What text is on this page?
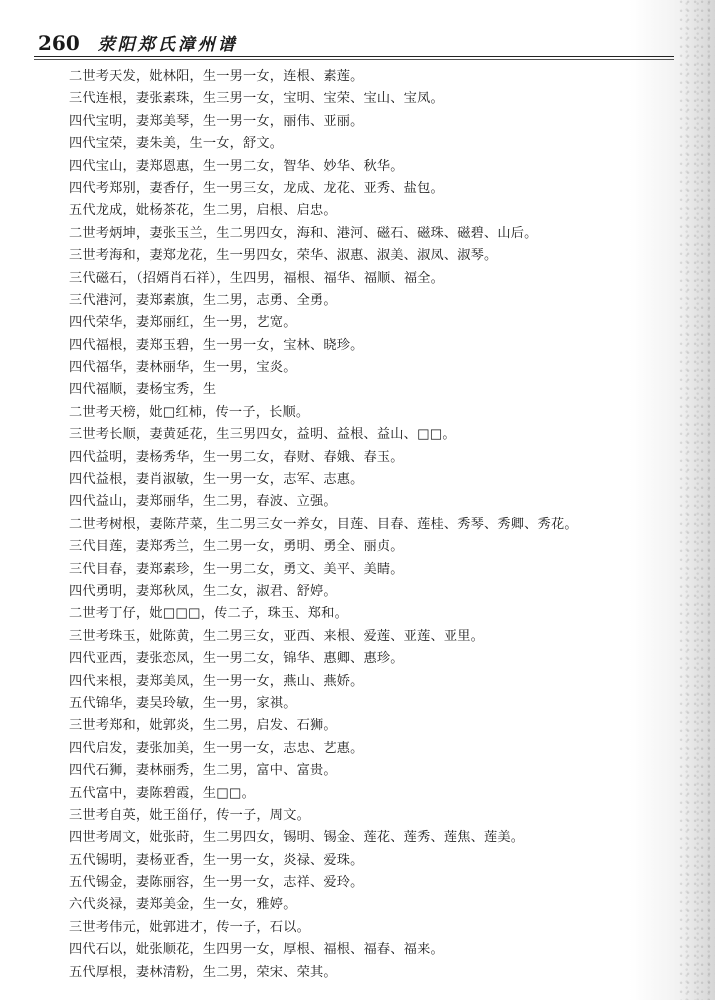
260 荥阳郑氏漳州谱
二世考天发，妣林阳，生一男一女，连根、素莲。
三代连根，妻张素珠，生三男一女，宝明、宝荣、宝山、宝凤。
四代宝明，妻郑美琴，生一男一女，丽伟、亚丽。
四代宝荣，妻朱美，生一女，舒文。
四代宝山，妻郑恩惠，生一男二女，智华、妙华、秋华。
四代考郑别，妻香仔，生一男三女，龙成、龙花、亚秀、盐包。
五代龙成，妣杨茶花，生二男，启根、启忠。
二世考炳坤，妻张玉兰，生二男四女，海和、港河、磁石、磁珠、磁碧、山后。
三世考海和，妻郑龙花，生一男四女，荣华、淑惠、淑美、淑凤、淑琴。
三代磁石，（招婿肖石祥），生四男，福根、福华、福顺、福全。
三代港河，妻郑素旗，生二男，志勇、全勇。
四代荣华，妻郑丽红，生一男，艺宽。
四代福根，妻郑玉碧，生一男一女，宝林、晓珍。
四代福华，妻林丽华，生一男，宝炎。
四代福顺，妻杨宝秀，生
二世考天榜，妣□红柿，传一子，长顺。
三世考长顺，妻黄延花，生三男四女，益明、益根、益山、□□。
四代益明，妻杨秀华，生一男二女，春财、春娥、春玉。
四代益根，妻肖淑敏，生一男一女，志军、志惠。
四代益山，妻郑丽华，生二男，春波、立强。
二世考树根，妻陈芹菜，生二男三女一养女，目莲、目春、莲桂、秀琴、秀卿、秀花。
三代目莲，妻郑秀兰，生二男一女，勇明、勇全、丽贞。
三代目春，妻郑素珍，生一男二女，勇文、美平、美睛。
四代勇明，妻郑秋凤，生二女，淑君、舒婷。
二世考丁仔，妣□□□，传二子，珠玉、郑和。
三世考珠玉，妣陈黄，生二男三女，亚西、来根、爱莲、亚莲、亚里。
四代亚西，妻张恋凤，生一男二女，锦华、惠卿、惠珍。
四代来根，妻郑美凤，生一男一女，燕山、燕娇。
五代锦华，妻吴玲敏，生一男，家祺。
三世考郑和，妣郭炎，生二男，启发、石狮。
四代启发，妻张加美，生一男一女，志忠、艺惠。
四代石狮，妻林丽秀，生二男，富中、富贵。
五代富中，妻陈碧霞，生□□。
三世考自英，妣王甾仔，传一子，周文。
四世考周文，妣张莳，生二男四女，锡明、锡金、莲花、莲秀、莲焦、莲美。
五代锡明，妻杨亚香，生一男一女，炎禄、爱珠。
五代锡金，妻陈丽容，生一男一女，志祥、爱玲。
六代炎禄，妻郑美金，生一女，雅婷。
三世考伟元，妣郭进才，传一子，石以。
四代石以，妣张顺花，生四男一女，厚根、福根、福春、福来。
五代厚根，妻林清粉，生二男，荣宋、荣其。
